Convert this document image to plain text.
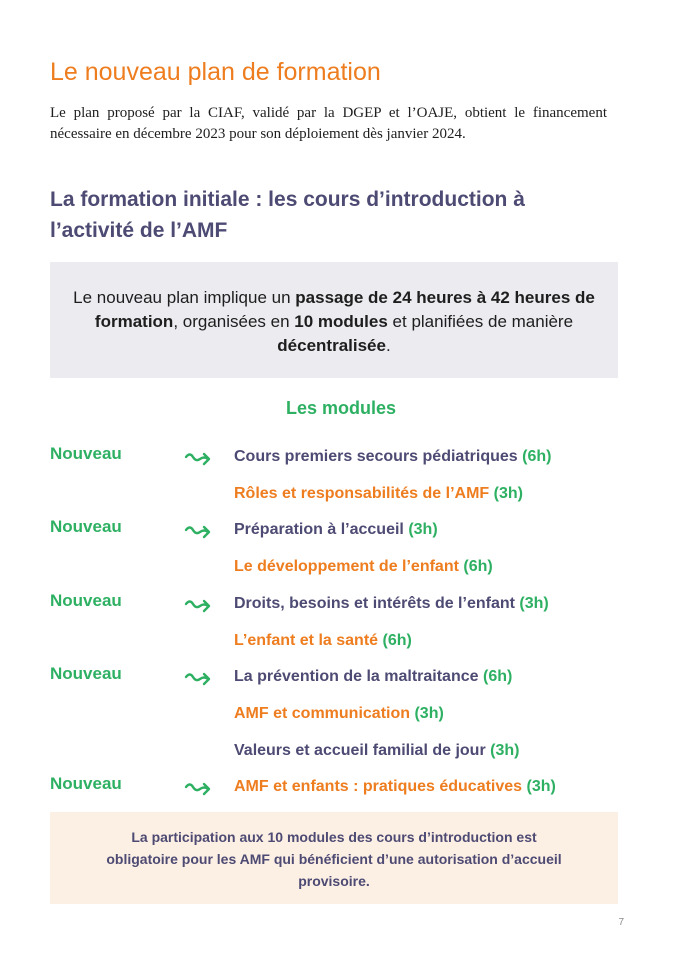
Le nouveau plan de formation

Le plan proposé par la CIAF, validé par la DGEP et l’OAJE, obtient le financement nécessaire en décembre 2023 pour son déploiement dès janvier 2024.

La formation initiale : les cours d’introduction à l’activité de l’AMF
Le nouveau plan implique un passage de 24 heures à 42 heures de formation, organisées en 10 modules et planifiées de manière décentralisée.
Les modules
Nouveau	Cours premiers secours pédiatriques (6h)
Rôles et responsabilités de l’AMF (3h)
Nouveau	Préparation à l’accueil (3h)
Le développement de l’enfant (6h)
Nouveau	Droits, besoins et intérêts de l’enfant (3h)
L’enfant et la santé (6h)
Nouveau	La prévention de la maltraitance (6h)
AMF et communication (3h)
Valeurs et accueil familial de jour (3h)
Nouveau	AMF et enfants : pratiques éducatives (3h)
La participation aux 10 modules des cours d’introduction est obligatoire pour les AMF qui bénéficient d’une autorisation d’accueil provisoire.
7
